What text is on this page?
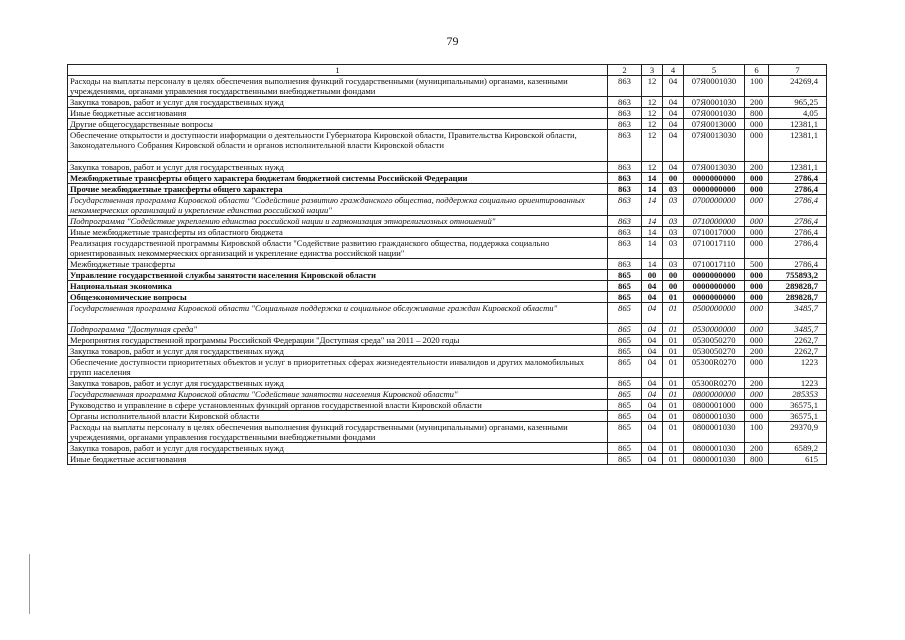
79
1	2	3	4	5	6	7
Расходы на выплаты персоналу в целях обеспечения выполнения функций государственными (муниципальными) органами, казенными учреждениями, органами управления государственными внебюджетными фондами	863	12	04	07Я0001030	100	24269,4
Закупка товаров, работ и услуг для государственных нужд	863	12	04	07Я0001030	200	965,25
Иные бюджетные ассигнования	863	12	04	07Я0001030	800	4,05
Другие общегосударственные вопросы	863	12	04	07Я0013000	000	12381,1
Обеспечение открытости и доступности информации о деятельности Губернатора Кировской области, Правительства Кировской области, Законодательного Собрания Кировской области и органов исполнительной власти Кировской области	863	12	04	07Я0013030	000	12381,1
Закупка товаров, работ и услуг для государственных нужд	863	12	04	07Я0013030	200	12381,1
Межбюджетные трансферты общего характера бюджетам бюджетной системы Российской Федерации	863	14	00	0000000000	000	2786,4
Прочие межбюджетные трансферты общего характера	863	14	03	0000000000	000	2786,4
Государственная программа Кировской области "Содействие развитию гражданского общества, поддержка социально ориентированных некоммерческих организаций и укрепление единства российской нации"	863	14	03	0700000000	000	2786,4
Подпрограмма "Содействие укреплению единства российской нации и гармонизация этнорелигиозных отношений"	863	14	03	0710000000	000	2786,4
Иные межбюджетные трансферты из областного бюджета	863	14	03	0710017000	000	2786,4
Реализация государственной программы Кировской области "Содействие развитию гражданского общества, поддержка социально ориентированных некоммерческих организаций и укрепление единства российской нации"	863	14	03	0710017110	000	2786,4
Межбюджетные трансферты	863	14	03	0710017110	500	2786,4
Управление государственной службы занятости населения Кировской области	865	00	00	0000000000	000	755893,2
Национальная экономика	865	04	00	0000000000	000	289828,7
Общеэкономические вопросы	865	04	01	0000000000	000	289828,7
Государственная программа Кировской области "Социальная поддержка и социальное обслуживание граждан Кировской области"	865	04	01	0500000000	000	3485,7
Подпрограмма "Доступная среда"	865	04	01	0530000000	000	3485,7
Мероприятия государственной программы Российской Федерации "Доступная среда" на 2011 – 2020 годы	865	04	01	0530050270	000	2262,7
Закупка товаров, работ и услуг для государственных нужд	865	04	01	0530050270	200	2262,7
Обеспечение доступности приоритетных объектов и услуг в приоритетных сферах жизнедеятельности инвалидов и других маломобильных групп населения	865	04	01	05300R0270	000	1223
Закупка товаров, работ и услуг для государственных нужд	865	04	01	05300R0270	200	1223
Государственная программа Кировской области "Содействие занятости населения Кировской области"	865	04	01	0800000000	000	285353
Руководство и управление в сфере установленных функций органов государственной власти Кировской области	865	04	01	0800001000	000	36575,1
Органы исполнительной власти Кировской области	865	04	01	0800001030	000	36575,1
Расходы на выплаты персоналу в целях обеспечения выполнения функций государственными (муниципальными) органами, казенными учреждениями, органами управления государственными внебюджетными фондами	865	04	01	0800001030	100	29370,9
Закупка товаров, работ и услуг для государственных нужд	865	04	01	0800001030	200	6589,2
Иные бюджетные ассигнования	865	04	01	0800001030	800	615
